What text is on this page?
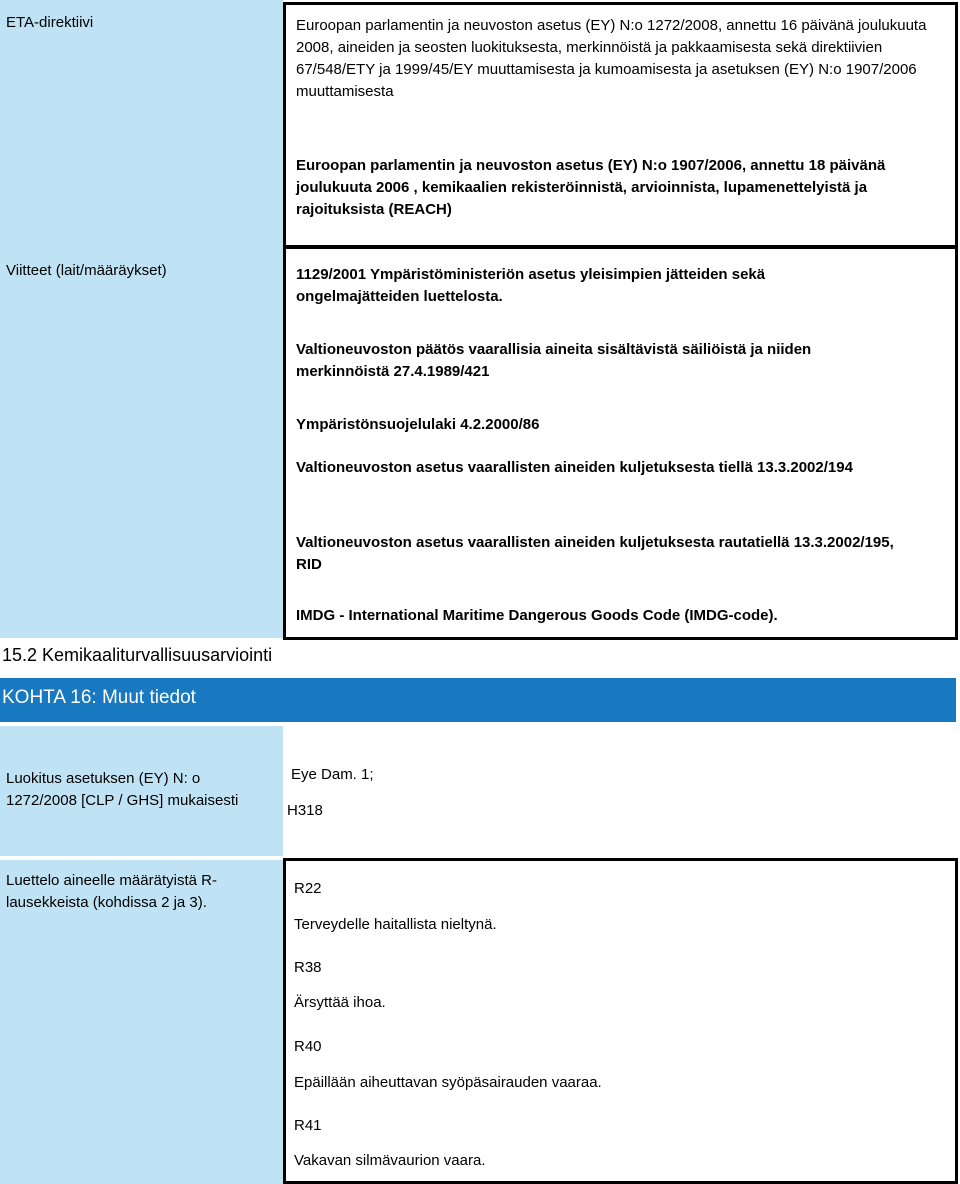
ETA-direktiivi
Viitteet (lait/määräykset)
Euroopan parlamentin ja neuvoston asetus (EY) N:o 1272/2008, annettu 16 päivänä joulukuuta 2008, aineiden ja seosten luokituksesta, merkinnöistä ja pakkaamisesta sekä direktiivien 67/548/ETY ja 1999/45/EY muuttamisesta ja kumoamisesta ja asetuksen (EY) N:o 1907/2006 muuttamisesta
Euroopan parlamentin ja neuvoston asetus (EY) N:o 1907/2006, annettu 18 päivänä joulukuuta 2006 , kemikaalien rekisteröinnistä, arvioinnista, lupamenettelyistä ja rajoituksista (REACH)
1129/2001 Ympäristöministeriön asetus yleisimpien jätteiden sekä ongelmajätteiden luettelosta.
Valtioneuvoston päätös vaarallisia aineita sisältävistä säiliöistä ja niiden merkinnöistä 27.4.1989/421
Ympäristönsuojelulaki 4.2.2000/86
Valtioneuvoston asetus vaarallisten aineiden kuljetuksesta tiellä 13.3.2002/194
Valtioneuvoston asetus vaarallisten aineiden kuljetuksesta rautatiellä 13.3.2002/195, RID
IMDG - International Maritime Dangerous Goods Code (IMDG-code).
15.2 Kemikaaliturvallisuusarviointi
KOHTA 16: Muut tiedot
Luokitus asetuksen (EY) N: o 1272/2008 [CLP / GHS] mukaisesti
Luettelo aineelle määrätyistä R-lausekkeista (kohdissa 2 ja 3).
Eye Dam. 1;
H318
R22
Terveydelle haitallista nieltynä.
R38
Ärsyttää ihoa.
R40
Epäillään aiheuttavan syöpäsairauden vaaraa.
R41
Vakavan silmävaurion vaara.
